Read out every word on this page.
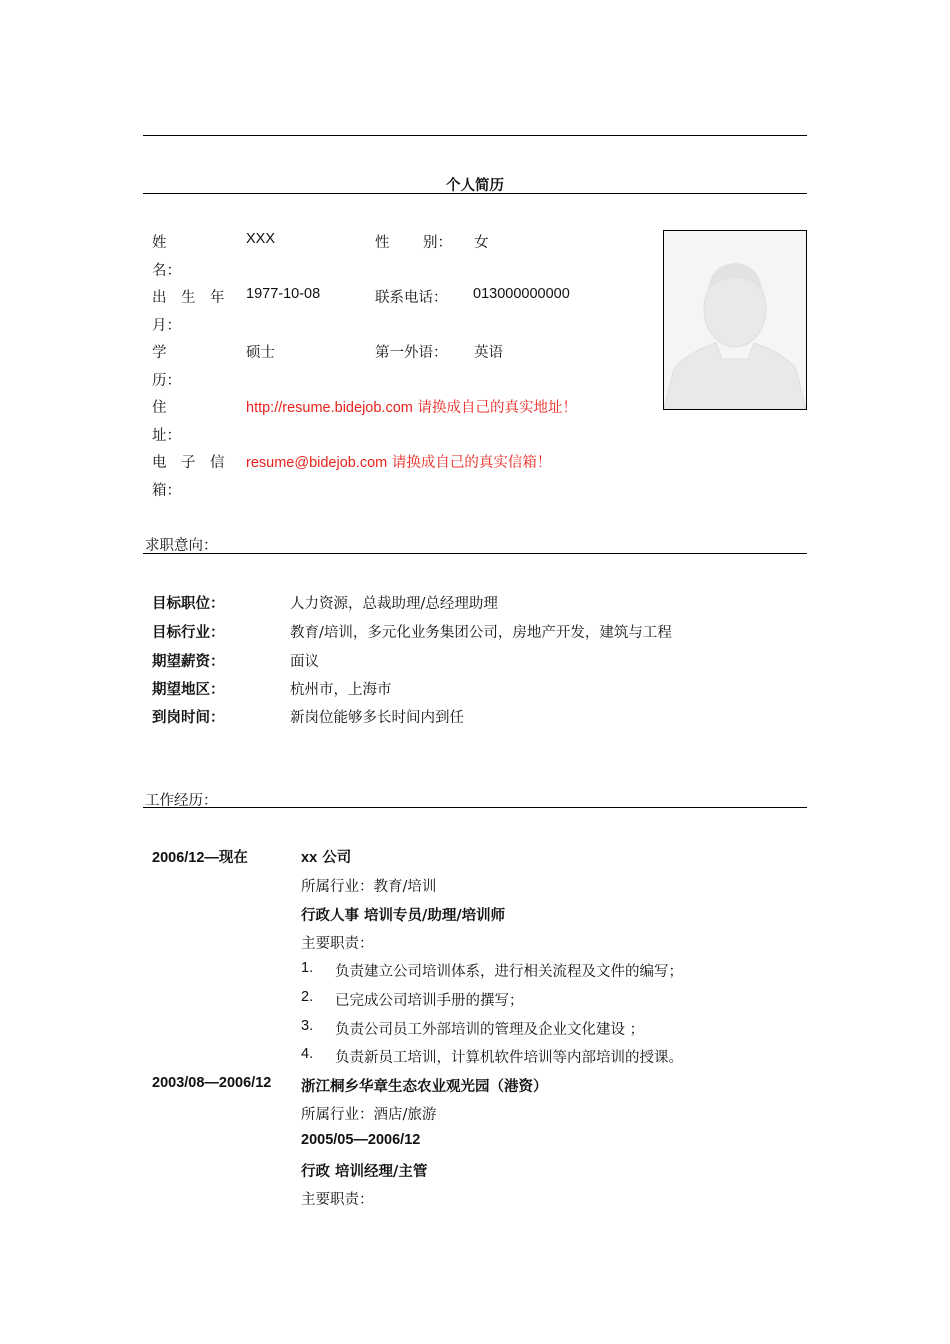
个人简历
姓
名：
XXX	性 别： 女
出　生　年
月：
1977-10-08	联系电话： 013000000000
学
历：
硕士	第一外语： 英语
住
址：
http://resume.bidejob.com 请换成自己的真实地址！
电　子　信
箱：
resume@bidejob.com 请换成自己的真实信箱！
求职意向：
目标职位：	人力资源，总裁助理/总经理助理
目标行业：	教育/培训，多元化业务集团公司，房地产开发，建筑与工程
期望薪资：	面议
期望地区：	杭州市，上海市
到岗时间：	新岗位能够多长时间内到任
工作经历：
2006/12—现在	xx 公司
所属行业：教育/培训
行政人事 培训专员/助理/培训师
主要职责：
1. 负责建立公司培训体系，进行相关流程及文件的编写；
2. 已完成公司培训手册的撰写；
3. 负责公司员工外部培训的管理及企业文化建设 ；
4. 负责新员工培训，计算机软件培训等内部培训的授课。
2003/08—2006/12 浙江桐乡华章生态农业观光园（港资）
所属行业：酒店/旅游
2005/05—2006/12
行政 培训经理/主管
主要职责：
